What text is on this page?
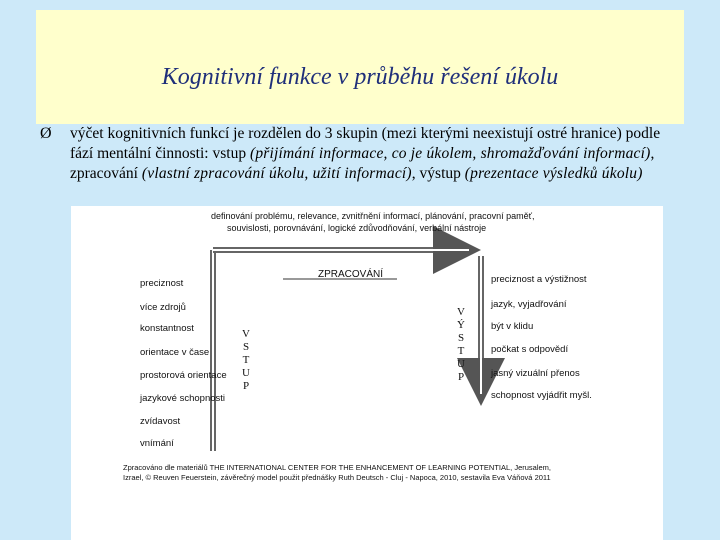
Kognitivní funkce v průběhu řešení úkolu
Ø výčet kognitivních funkcí je rozdělen do 3 skupin (mezi kterými neexistují ostré hranice) podle fází mentální činnosti: vstup (přijímání informace, co je úkolem, shromažďování informací), zpracování (vlastní zpracování úkolu, užití informací), výstup (prezentace výsledků úkolu)
definování problému, relevance, zvnitřnění informací, plánování, pracovní paměť,
souvislosti, porovnávání, logické zdůvodňování, verbální nástroje
ZPRACOVÁNÍ
V
S
T
U
P
V
Ý
S
T
U
P
preciznost
více zdrojů
konstantnost
orientace v čase
prostorová orientace
jazykové schopnosti
zvídavost
vnímání
preciznost a výstižnost
jazyk, vyjadřování
být v klidu
počkat s odpovědí
jasný vizuální přenos
schopnost vyjádřit myšl.
Zpracováno dle materiálů THE INTERNATIONAL CENTER FOR THE ENHANCEMENT OF LEARNING POTENTIAL, Jerusalem,
Izrael, © Reuven Feuerstein, závěrečný model použit přednášky Ruth Deutsch - Cluj - Napoca, 2010, sestavila Eva Váňová 2011
